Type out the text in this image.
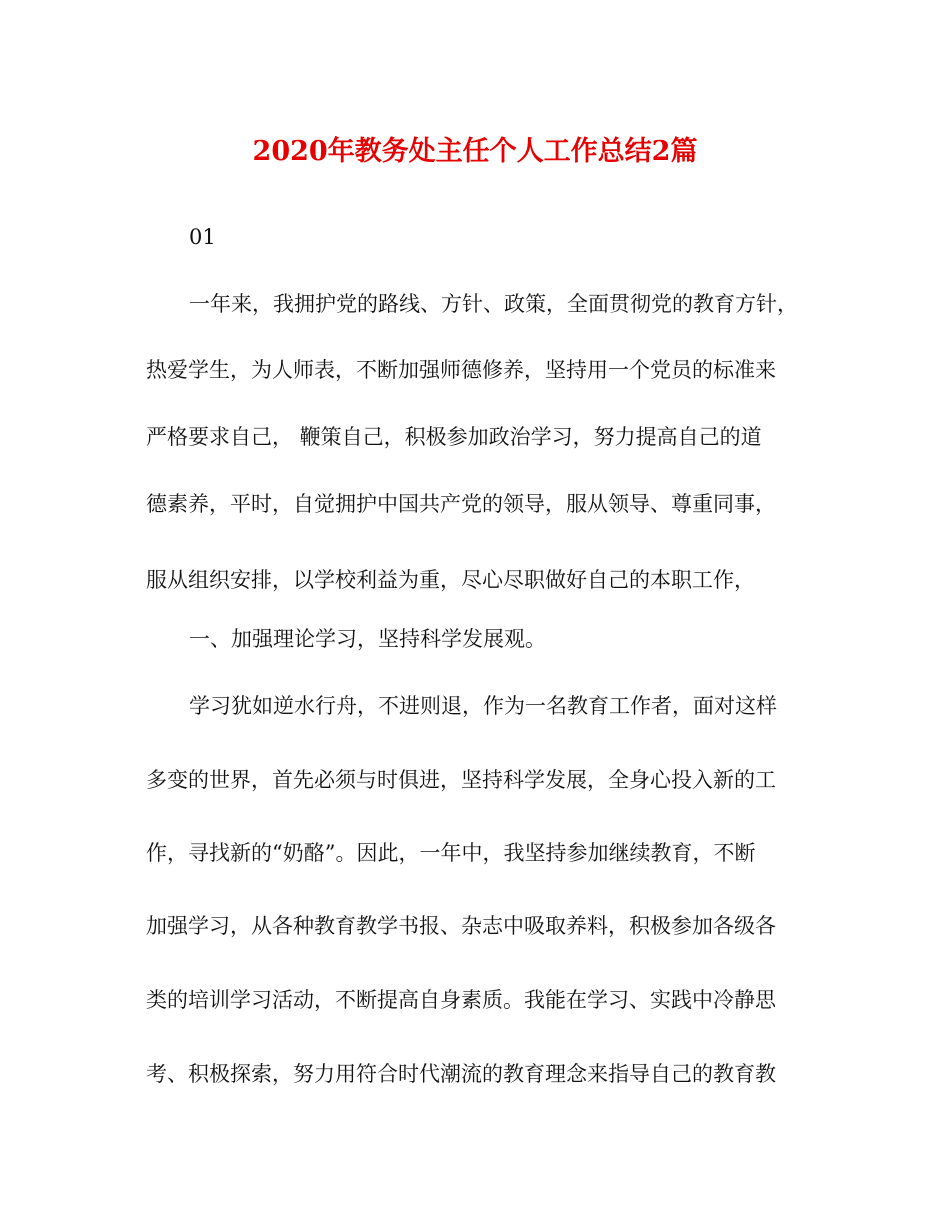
2020年教务处主任个人工作总结2篇
01
一年来，我拥护党的路线、方针、政策，全面贯彻党的教育方针，
热爱学生，为人师表，不断加强师德修养，坚持用一个党员的标准来
严格要求自己， 鞭策自己，积极参加政治学习，努力提高自己的道
德素养，平时，自觉拥护中国共产党的领导，服从领导、尊重同事，
服从组织安排，以学校利益为重，尽心尽职做好自己的本职工作，
一、加强理论学习，坚持科学发展观。
学习犹如逆水行舟，不进则退，作为一名教育工作者，面对这样
多变的世界，首先必须与时俱进，坚持科学发展，全身心投入新的工
作，寻找新的“奶酪”。因此，一年中，我坚持参加继续教育，不断
加强学习，从各种教育教学书报、杂志中吸取养料，积极参加各级各
类的培训学习活动，不断提高自身素质。我能在学习、实践中冷静思
考、积极探索，努力用符合时代潮流的教育理念来指导自己的教育教
